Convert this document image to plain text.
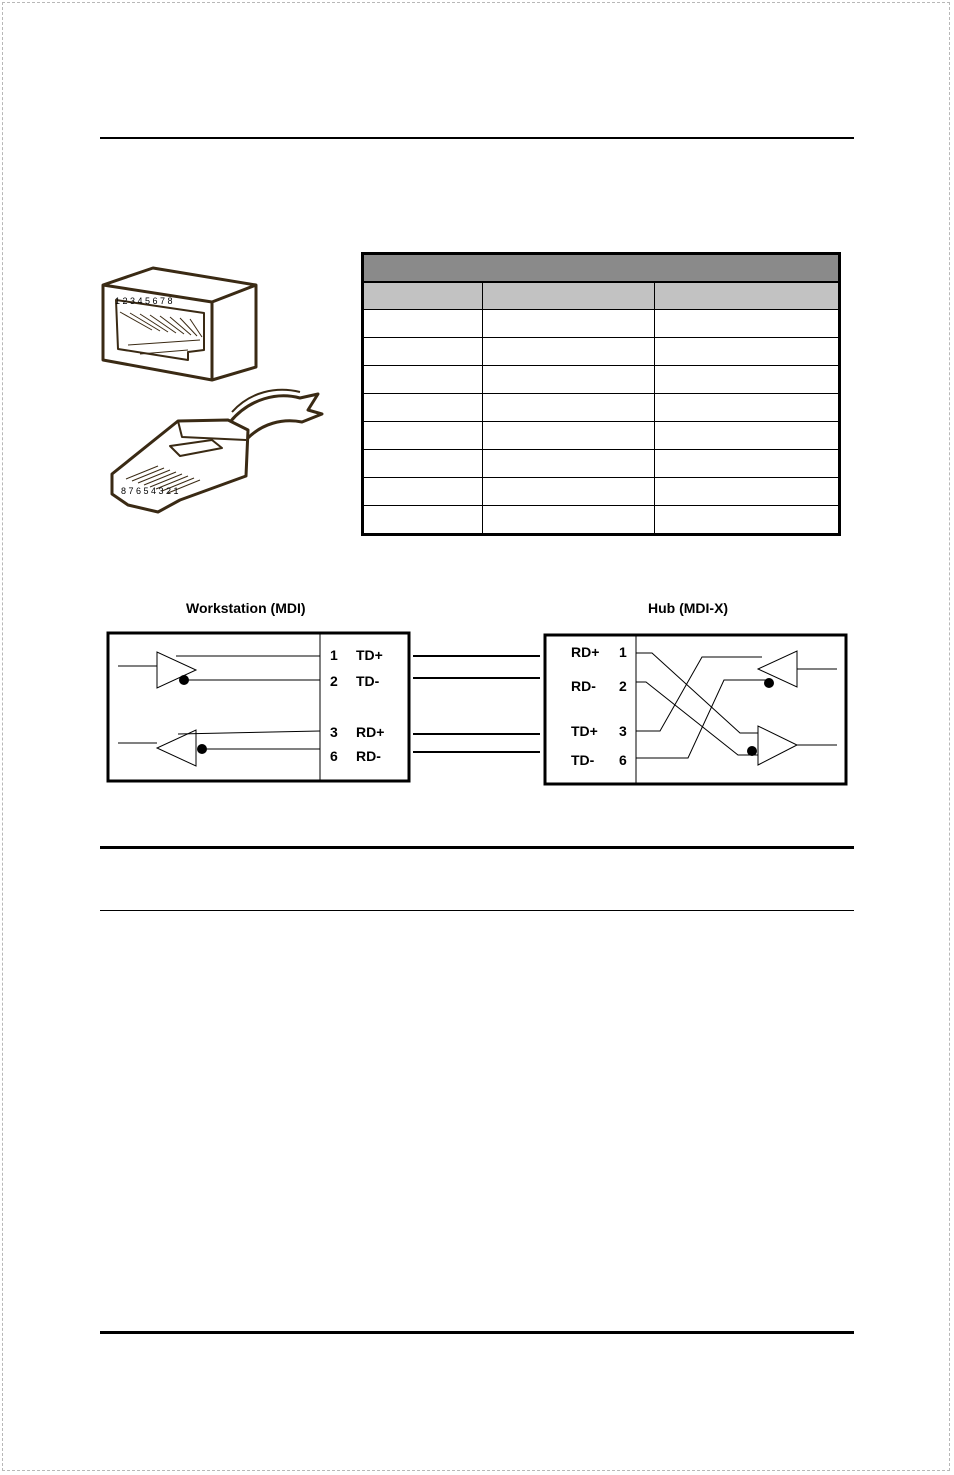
1 2 3 4 5 6 7 8
8 7 6 5 4 3 2 1
Workstation (MDI)	Hub (MDI-X)
1 TD+
2 TD-
3 RD+
6 RD-
RD+ 1
RD- 2
TD+ 3
TD- 6
